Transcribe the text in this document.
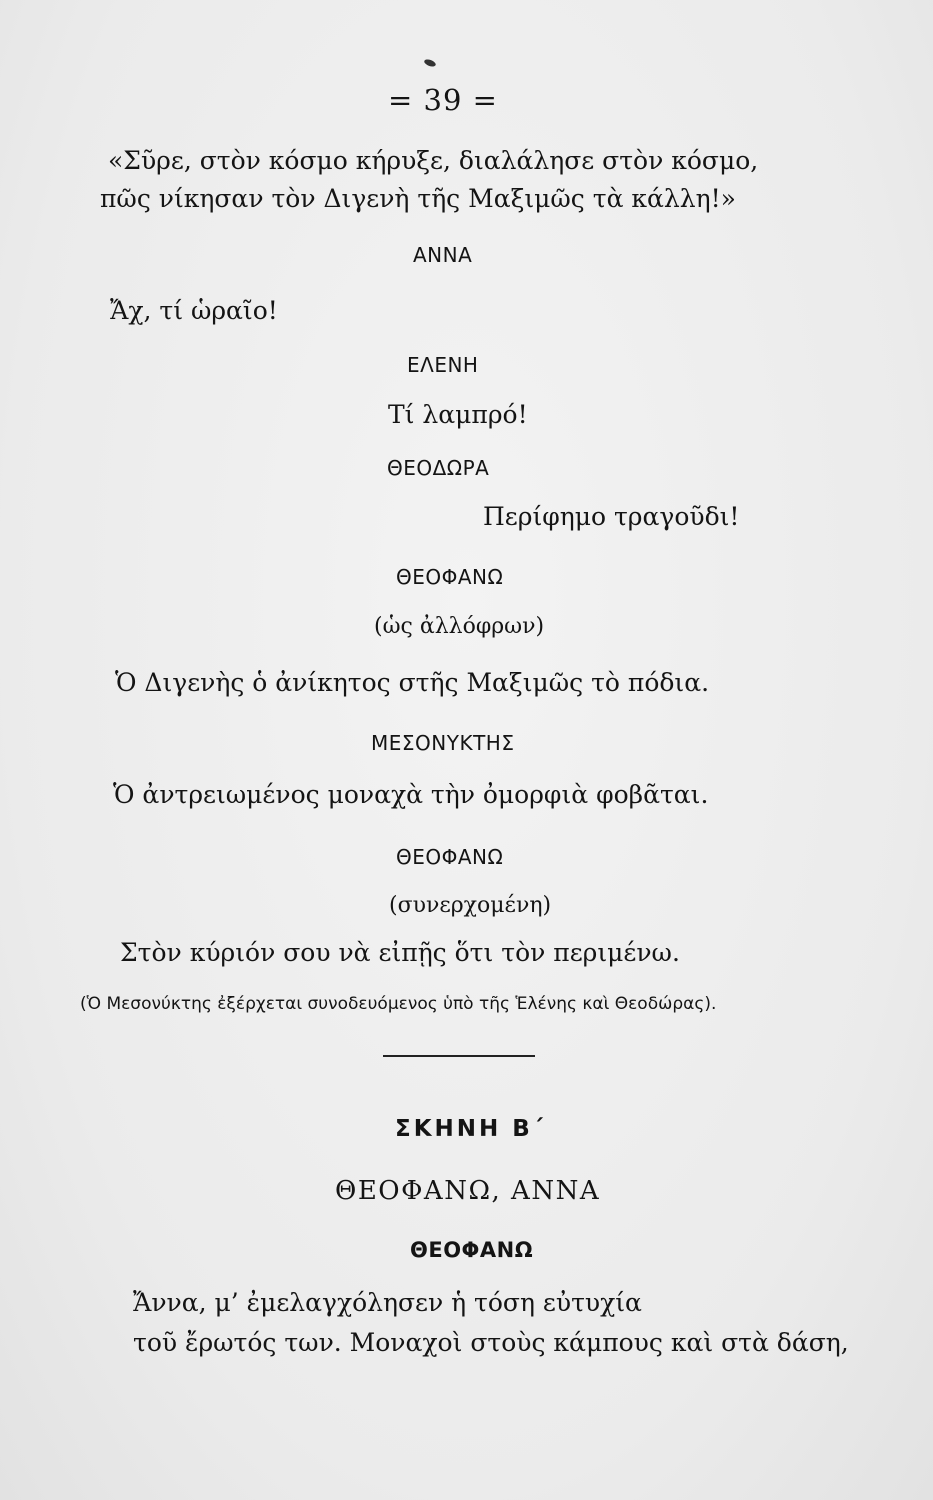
= 39 =
«Σῦρε, στὸν κόσμο κήρυξε, διαλάλησε στὸν κόσμο,
πῶς νίκησαν τὸν Διγενὴ τῆς Μαξιμῶς τὰ κάλλη!»
ΑΝΝΑ
Ἄχ, τί ὡραῖο!
ΕΛΕΝΗ
Τί λαμπρό!
ΘΕΟΔΩΡΑ
Περίφημο τραγοῦδι!
ΘΕΟΦΑΝΩ
(ὡς ἀλλόφρων)
Ὁ Διγενὴς ὁ ἀνίκητος στῆς Μαξιμῶς τὸ πόδια.
ΜΕΣΟΝΥΚΤΗΣ
Ὁ ἀντρειωμένος μοναχὰ τὴν ὀμορφιὰ φοβᾶται.
ΘΕΟΦΑΝΩ
(συνερχομένη)
Στὸν κύριόν σου νὰ εἰπῇς ὅτι τὸν περιμένω.
(Ὁ Μεσονύκτης ἐξέρχεται συνοδευόμενος ὑπὸ τῆς Ἑλένης καὶ Θεοδώρας).
ΣΚΗΝΗ Β΄
ΘΕΟΦΑΝΩ, ΑΝΝΑ
ΘΕΟΦΑΝΩ
Ἄννα, μ’ ἐμελαγχόλησεν ἡ τόση εὐτυχία
τοῦ ἔρωτός των. Μοναχοὶ στοὺς κάμπους καὶ στὰ δάση,
